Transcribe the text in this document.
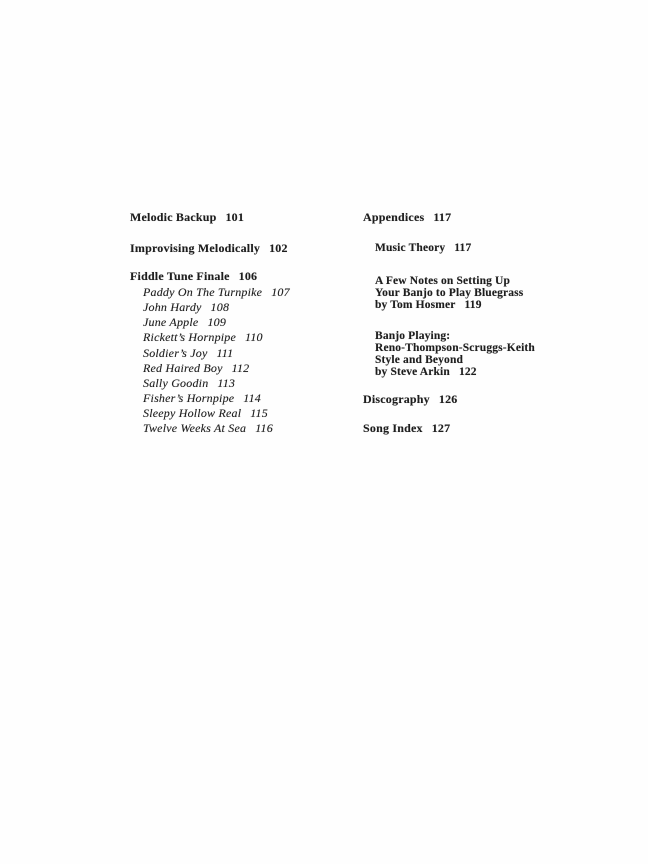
Melodic Backup 101
Improvising Melodically 102
Fiddle Tune Finale 106
Paddy On The Turnpike 107
John Hardy 108
June Apple 109
Rickett’s Hornpipe 110
Soldier’s Joy 111
Red Haired Boy 112
Sally Goodin 113
Fisher’s Hornpipe 114
Sleepy Hollow Real 115
Twelve Weeks At Sea 116
Appendices 117
Music Theory 117
A Few Notes on Setting Up
Your Banjo to Play Bluegrass
by Tom Hosmer 119
Banjo Playing:
Reno-Thompson-Scruggs-Keith
Style and Beyond
by Steve Arkin 122
Discography 126
Song Index 127
